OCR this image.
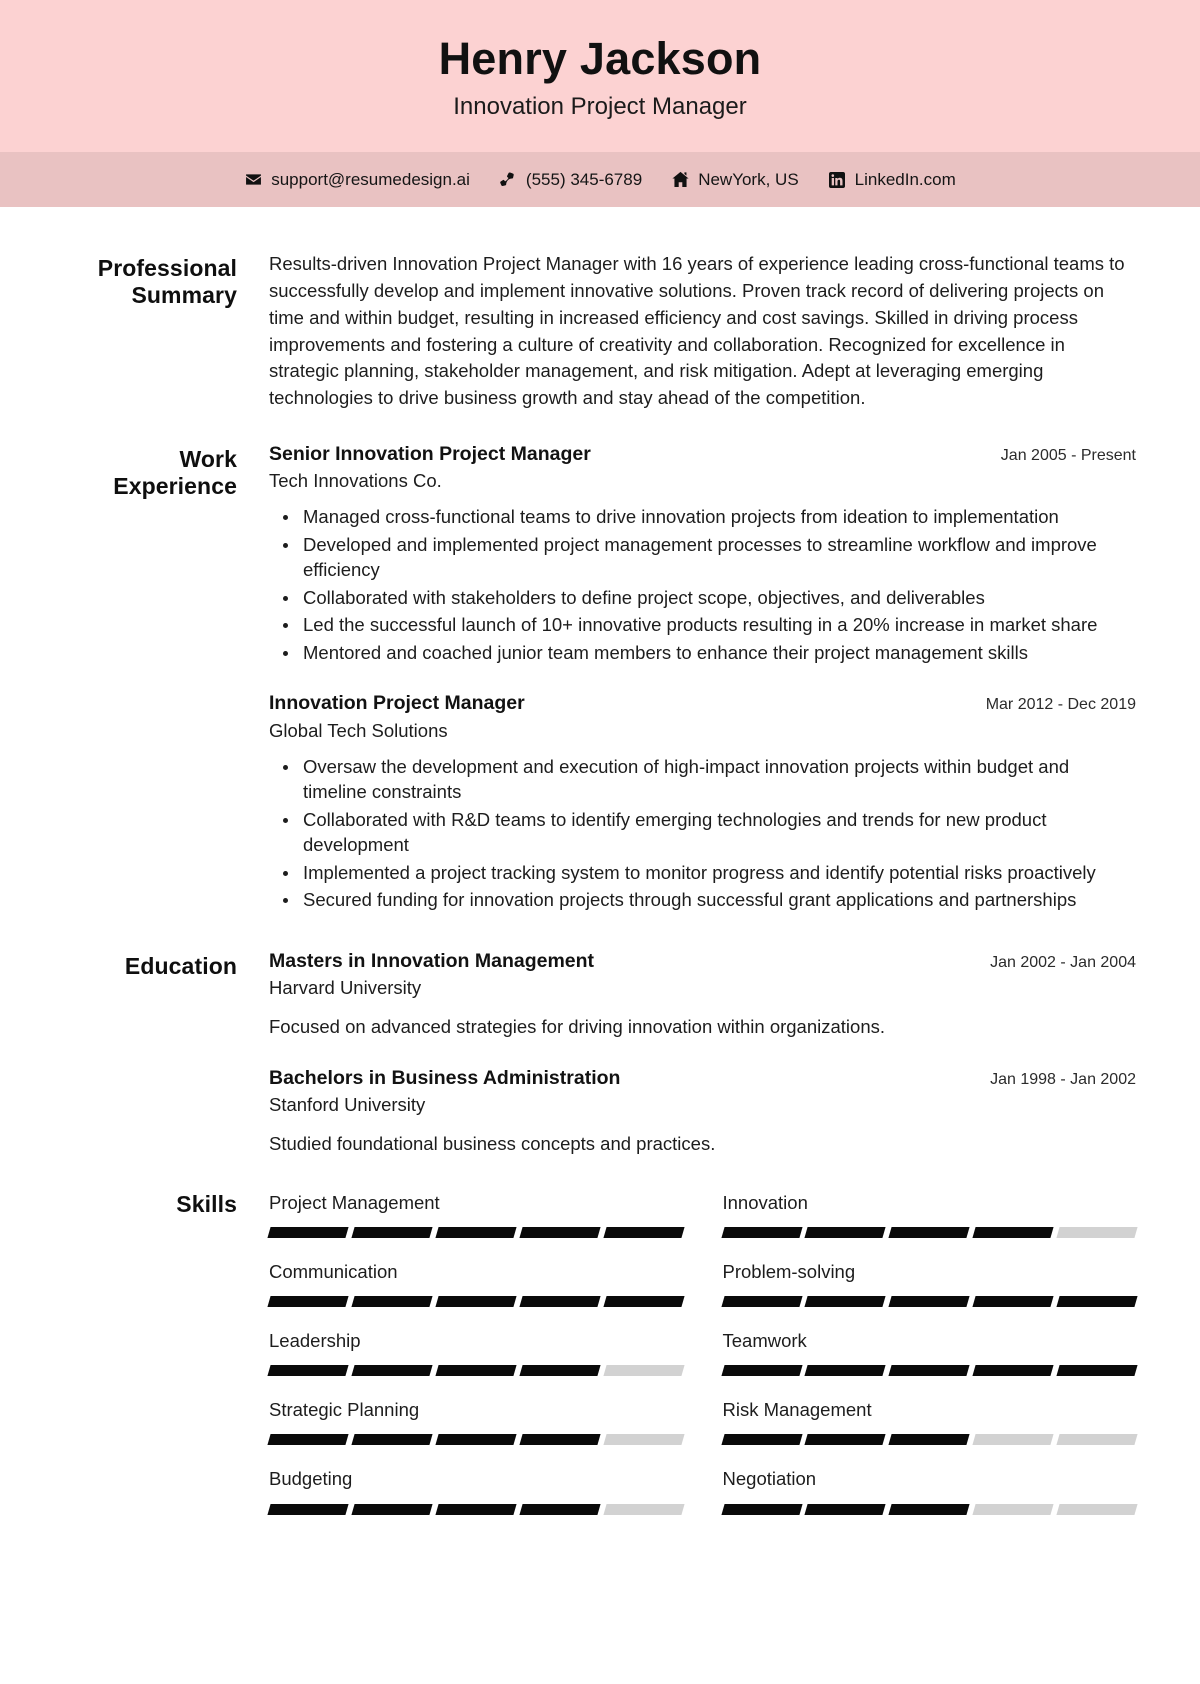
Henry Jackson
Innovation Project Manager
support@resumedesign.ai	(555) 345-6789	NewYork, US	LinkedIn.com
Professional Summary
Results-driven Innovation Project Manager with 16 years of experience leading cross-functional teams to successfully develop and implement innovative solutions. Proven track record of delivering projects on time and within budget, resulting in increased efficiency and cost savings. Skilled in driving process improvements and fostering a culture of creativity and collaboration. Recognized for excellence in strategic planning, stakeholder management, and risk mitigation. Adept at leveraging emerging technologies to drive business growth and stay ahead of the competition.
Work Experience
Senior Innovation Project Manager	Jan 2005 - Present
Tech Innovations Co.
Managed cross-functional teams to drive innovation projects from ideation to implementation
Developed and implemented project management processes to streamline workflow and improve efficiency
Collaborated with stakeholders to define project scope, objectives, and deliverables
Led the successful launch of 10+ innovative products resulting in a 20% increase in market share
Mentored and coached junior team members to enhance their project management skills
Innovation Project Manager	Mar 2012 - Dec 2019
Global Tech Solutions
Oversaw the development and execution of high-impact innovation projects within budget and timeline constraints
Collaborated with R&D teams to identify emerging technologies and trends for new product development
Implemented a project tracking system to monitor progress and identify potential risks proactively
Secured funding for innovation projects through successful grant applications and partnerships
Education	Masters in Innovation Management	Jan 2002 - Jan 2004
Harvard University
Focused on advanced strategies for driving innovation within organizations.
Bachelors in Business Administration	Jan 1998 - Jan 2002
Stanford University
Studied foundational business concepts and practices.
Skills	Project Management	Innovation
Communication	Problem-solving
Leadership	Teamwork
Strategic Planning	Risk Management
Budgeting	Negotiation
